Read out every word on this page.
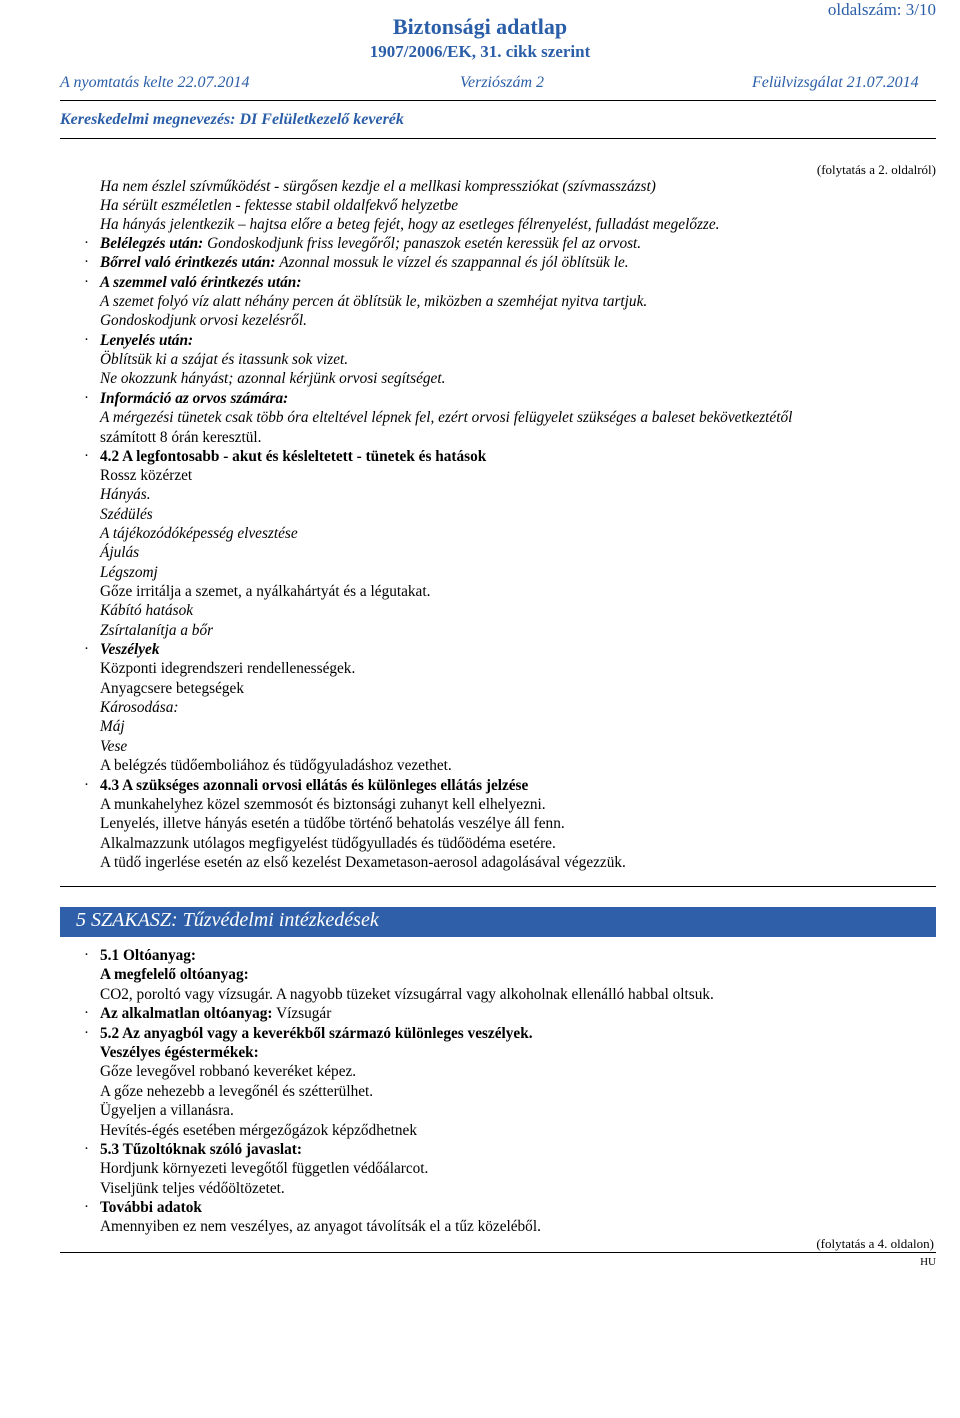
oldalszám: 3/10
Biztonsági adatlap
1907/2006/EK, 31. cikk szerint
A nyomtatás kelte 22.07.2014	Verziószám 2	Felülvizsgálat 21.07.2014
Kereskedelmi megnevezés: DI Felületkezelő keverék
(folytatás a 2. oldalról)
Ha nem észlel szívműködést - sürgősen kezdje el a mellkasi kompressziókat (szívmasszázst)
Ha sérült eszméletlen - fektesse stabil oldalfekvő helyzetbe
Ha hányás jelentkezik – hajtsa előre a beteg fejét, hogy az esetleges félrenyelést, fulladást megelőzze.
· Belélegzés után: Gondoskodjunk friss levegőről; panaszok esetén keressük fel az orvost.
· Bőrrel való érintkezés után: Azonnal mossuk le vízzel és szappannal és jól öblítsük le.
· A szemmel való érintkezés után:
A szemet folyó víz alatt néhány percen át öblítsük le, miközben a szemhéjat nyitva tartjuk.
Gondoskodjunk orvosi kezelésről.
· Lenyelés után:
Öblítsük ki a szájat és itassunk sok vizet.
Ne okozzunk hányást; azonnal kérjünk orvosi segítséget.
· Információ az orvos számára:
A mérgezési tünetek csak több óra elteltével lépnek fel, ezért orvosi felügyelet szükséges a baleset bekövetkeztétől
számított 8 órán keresztül.
· 4.2 A legfontosabb - akut és késleltetett - tünetek és hatások
Rossz közérzet
Hányás.
Szédülés
A tájékozódóképesség elvesztése
Ájulás
Légszomj
Gőze irritálja a szemet, a nyálkahártyát és a légutakat.
Kábító hatások
Zsírtalanítja a bőr
· Veszélyek
Központi idegrendszeri rendellenességek.
Anyagcsere betegségek
Károsodása:
Máj
Vese
A belégzés tüdőemboliához és tüdőgyuladáshoz vezethet.
· 4.3 A szükséges azonnali orvosi ellátás és különleges ellátás jelzése
A munkahelyhez közel szemmosót és biztonsági zuhanyt kell elhelyezni.
Lenyelés, illetve hányás esetén a tüdőbe történő behatolás veszélye áll fenn.
Alkalmazzunk utólagos megfigyelést tüdőgyulladés és tüdőödéma esetére.
A tüdő ingerlése esetén az első kezelést Dexametason-aerosol adagolásával végezzük.
5 SZAKASZ: Tűzvédelmi intézkedések
· 5.1 Oltóanyag:
A megfelelő oltóanyag:
CO2, poroltó vagy vízsugár. A nagyobb tüzeket vízsugárral vagy alkoholnak ellenálló habbal oltsuk.
· Az alkalmatlan oltóanyag: Vízsugár
· 5.2 Az anyagból vagy a keverékből származó különleges veszélyek.
Veszélyes égéstermékek:
Gőze levegővel robbanó keveréket képez.
A gőze nehezebb a levegőnél és szétterülhet.
Ügyeljen a villanásra.
Hevítés-égés esetében mérgezőgázok képződhetnek
· 5.3 Tűzoltóknak szóló javaslat:
Hordjunk környezeti levegőtől független védőálarcot.
Viseljünk teljes védőöltözetet.
· További adatok
Amennyiben ez nem veszélyes, az anyagot távolítsák el a tűz közeléből.
(folytatás a 4. oldalon)
HU
